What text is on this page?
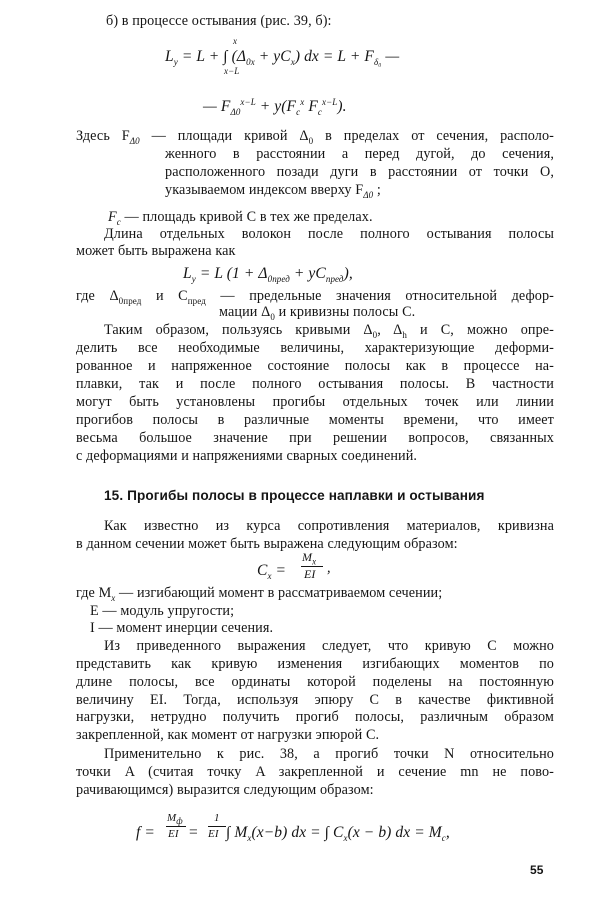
б) в процессе остывания (рис. 39, б):
$L_y = L$ + ∫ $(\Delta_{0x} + yC_x)$ dx = $L + F_{\delta_0}$ —
x−L
x
— $F_{\Delta 0}^{x-L} + y(F_c^x$ $F_c^{x-L}$).
Здесь $F_{\Delta 0}$ — площади кривой $\Delta_0$ в пределах от сечения, располо-
женного в расстоянии a перед дугой, до сечения,
расположенного позади дуги в расстоянии от точки O,
указываемом индексом вверху $F_{\Delta 0}$ ;
$F_c$ — площадь кривой C в тех же пределах.
Длина отдельных волокон после полного остывания полосы
может быть выражена как
$L_y = L$ $(1 + \Delta_{0пред} + yC_{пред})$,
где $\Delta_{0пред}$ и $C_{пред}$ — предельные значения относительной дефор-
мации $\Delta_0$ и кривизны полосы C.
Таким образом, пользуясь кривыми $\Delta_0$, $\Delta_h$ и C, можно опре-
делить все необходимые величины, характеризующие деформи-
рованное и напряженное состояние полосы как в процессе на-
плавки, так и после полного остывания полосы. В частности
могут быть установлены прогибы отдельных точек или линии
прогибов полосы в различные моменты времени, что имеет
весьма большое значение при решении вопросов, связанных
с деформациями и напряжениями сварных соединений.
15. Прогибы полосы в процессе наплавки и остывания
Как известно из курса сопротивления материалов, кривизна
в данном сечении может быть выражена следующим образом:
$C_x$ =
$M_x$
EI ,
где $M_x$ — изгибающий момент в рассматриваемом сечении;
E — модуль упругости;
I — момент инерции сечения.
Из приведенного выражения следует, что кривую C можно
представить как кривую изменения изгибающих моментов по
длине полосы, все ординаты которой поделены на постоянную
величину EI. Тогда, используя эпюру C в качестве фиктивной
нагрузки, нетрудно получить прогиб полосы, различным образом
закрепленной, как момент от нагрузки эпюрой C.
Применительно к рис. 38, a прогиб точки N относительно
точки A (считая точку A закрепленной и сечение mn не пово-
рачивающимся) выразится следующим образом:
f =
$M_ф$
EI =
1
EI ∫ $M_x(x-b)$ dx = ∫ $C_x(x - b)$ dx = $M_c$,
55
